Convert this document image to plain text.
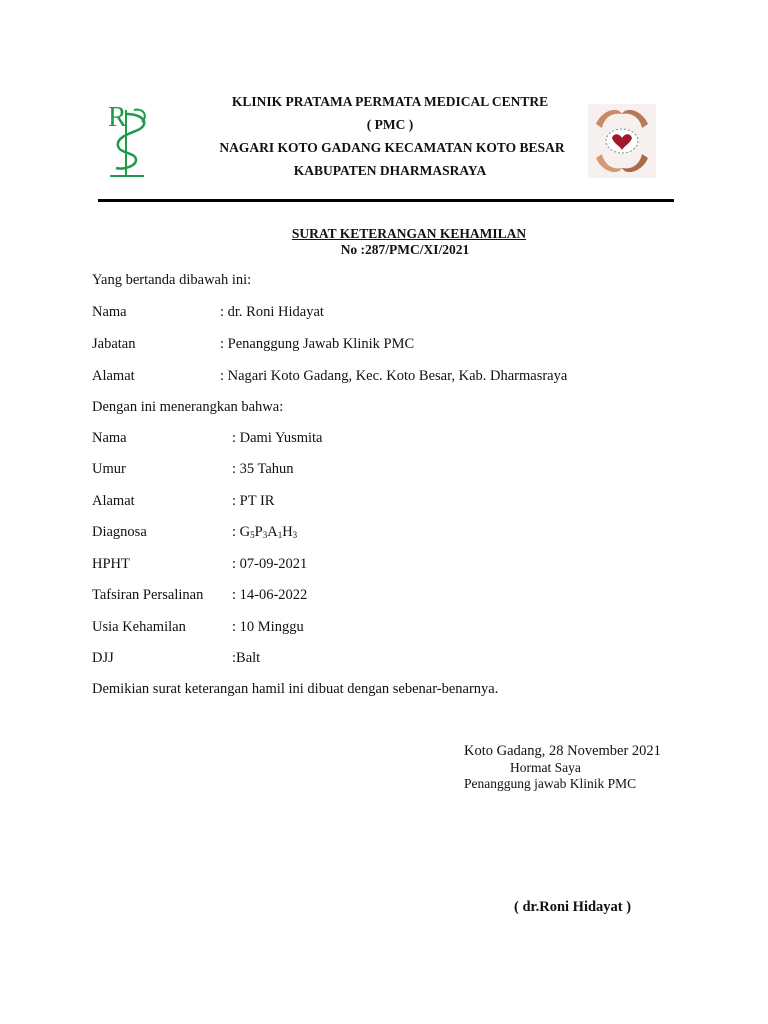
R
KLINIK PRATAMA PERMATA MEDICAL CENTRE
( PMC )
NAGARI KOTO GADANG KECAMATAN KOTO BESAR
KABUPATEN DHARMASRAYA
SURAT KETERANGAN KEHAMILAN
No :287/PMC/XI/2021
Yang bertanda dibawah ini:
Nama	: dr. Roni Hidayat
Jabatan	: Penanggung Jawab Klinik PMC
Alamat	: Nagari Koto Gadang, Kec. Koto Besar, Kab. Dharmasraya
Dengan ini menerangkan bahwa:
Nama	: Dami Yusmita
Umur	: 35 Tahun
Alamat	: PT IR
Diagnosa	: $G_5P_3A_1H_3$
HPHT	: 07-09-2021
Tafsiran Persalinan : 14-06-2022
Usia Kehamilan	: 10 Minggu
DJJ	:Balt
Demikian surat keterangan hamil ini dibuat dengan sebenar-benarnya.
Koto Gadang, 28 November 2021
Hormat Saya
Penanggung jawab Klinik PMC
( dr.Roni Hidayat )
